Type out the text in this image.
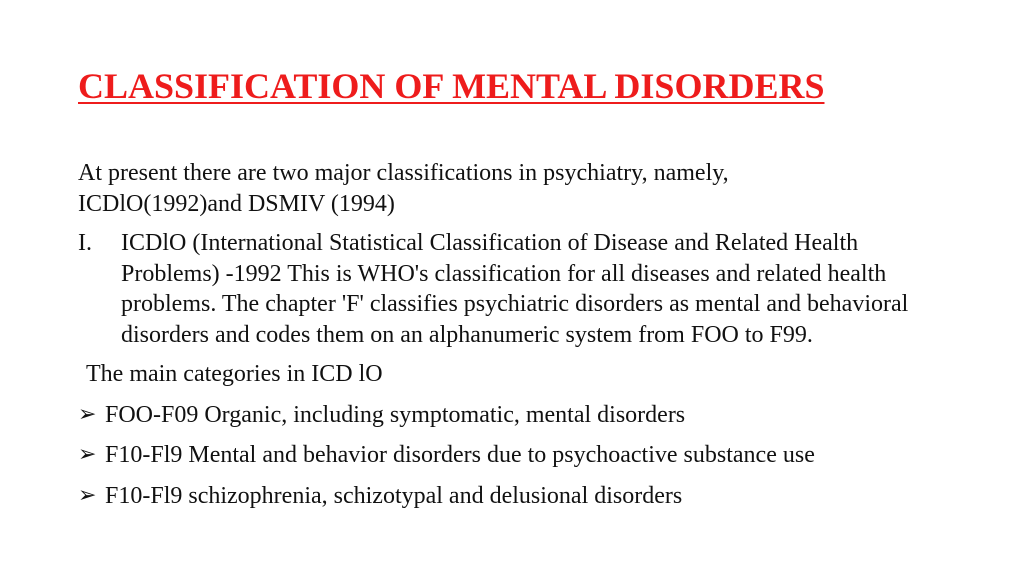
CLASSIFICATION OF MENTAL DISORDERS
At present there are two major classifications in psychiatry, namely,
ICDlO(1992)and DSMIV (1994)
I.	ICDlO (International Statistical Classification of Disease and Related Health Problems) -1992 This is WHO's classification for all diseases and related health problems. The chapter 'F' classifies psychiatric disorders as mental and behavioral disorders and codes them on an alphanumeric system from FOO to F99.
The main categories in ICD lO
➢ FOO-F09 Organic, including symptomatic, mental disorders
➢ F10-Fl9 Mental and behavior disorders due to psychoactive substance use
➢ F10-Fl9 schizophrenia, schizotypal and delusional disorders
